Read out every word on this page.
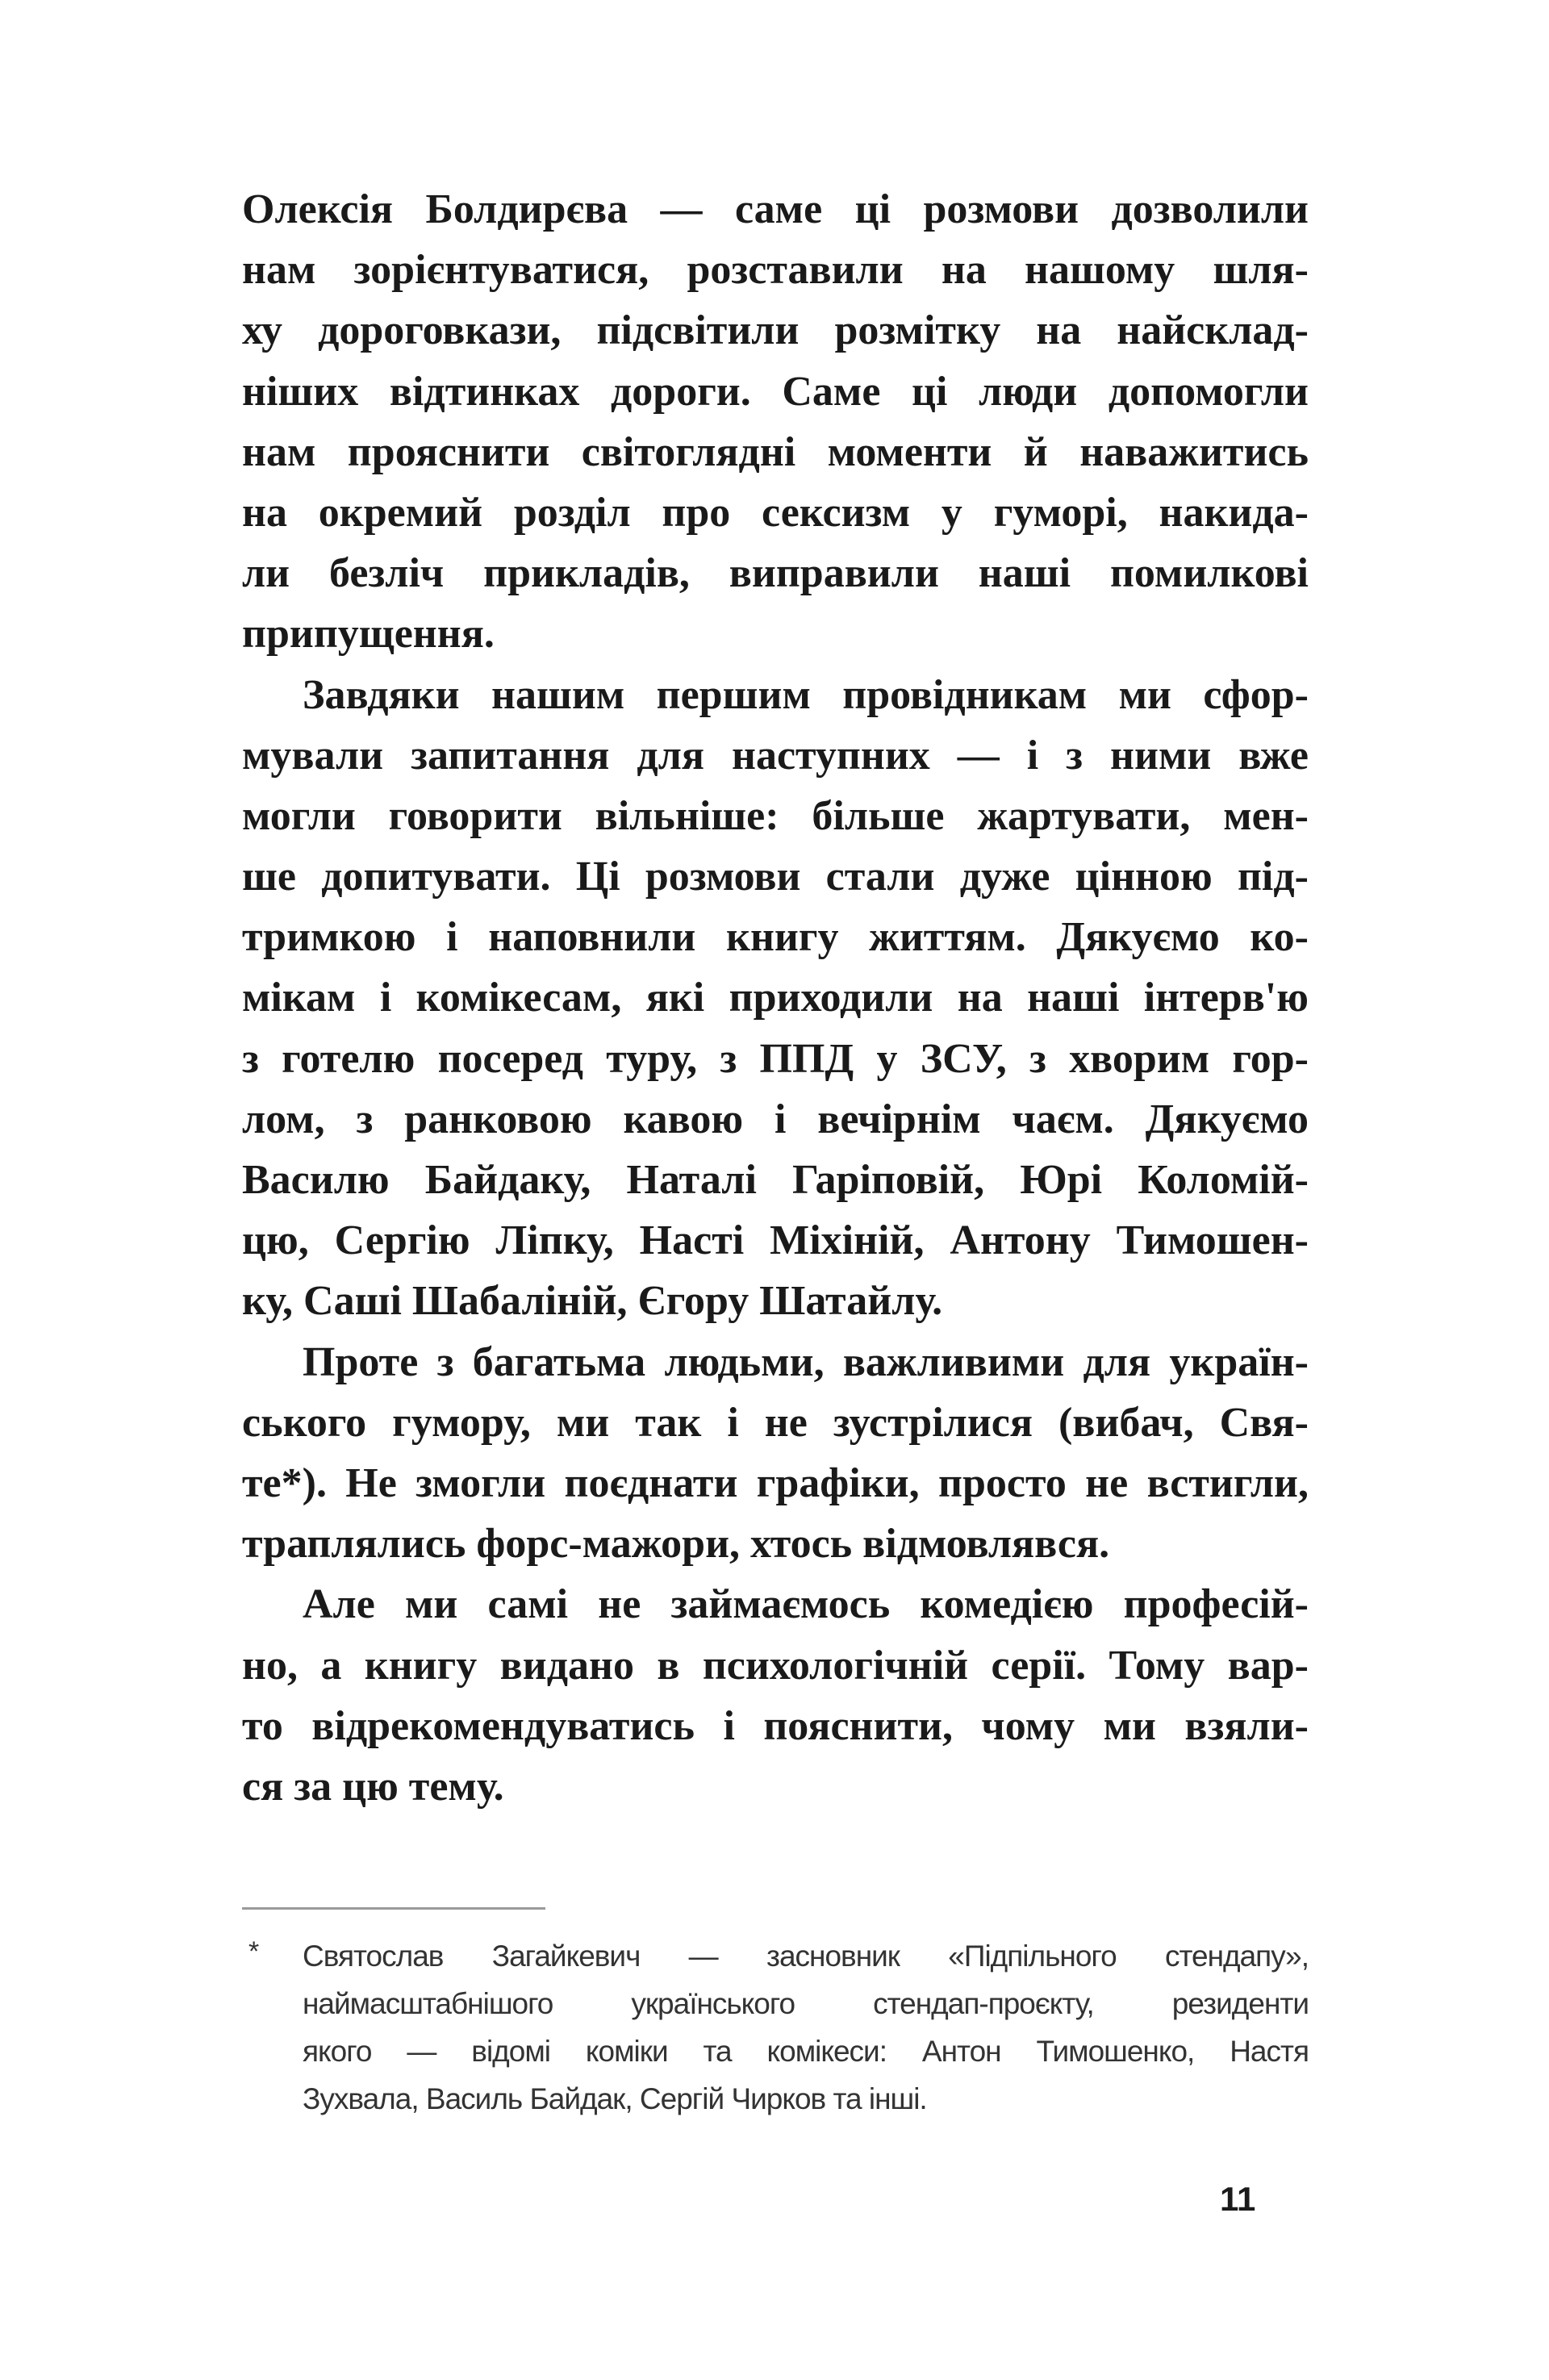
Олексія Болдирєва — саме ці розмови дозволили
нам зорієнтуватися, розставили на нашому шля-
ху дороговкази, підсвітили розмітку на найсклад-
ніших відтинках дороги. Саме ці люди допомогли
нам прояснити світоглядні моменти й наважитись
на окремий розділ про сексизм у гуморі, накида-
ли безліч прикладів, виправили наші помилкові
припущення.
Завдяки нашим першим провідникам ми сфор-
мували запитання для наступних — і з ними вже
могли говорити вільніше: більше жартувати, мен-
ше допитувати. Ці розмови стали дуже цінною під-
тримкою і наповнили книгу життям. Дякуємо ко-
мікам і комікесам, які приходили на наші інтерв'ю
з готелю посеред туру, з ППД у ЗСУ, з хворим гор-
лом, з ранковою кавою і вечірнім чаєм. Дякуємо
Василю Байдаку, Наталі Гаріповій, Юрі Коломій-
цю, Сергію Ліпку, Насті Міхіній, Антону Тимошен-
ку, Саші Шабаліній, Єгору Шатайлу.
Проте з багатьма людьми, важливими для україн-
ського гумору, ми так і не зустрілися (вибач, Свя-
те*). Не змогли поєднати графіки, просто не встигли,
траплялись форс-мажори, хтось відмовлявся.
Але ми самі не займаємось комедією професій-
но, а книгу видано в психологічній серії. Тому вар-
то відрекомендуватись і пояснити, чому ми взяли-
ся за цю тему.
* Святослав Загайкевич — засновник «Підпільного стендапу»,
наймасштабнішого українського стендап-проєкту, резиденти
якого — відомі коміки та комікеси: Антон Тимошенко, Настя
Зухвала, Василь Байдак, Сергій Чирков та інші.
11
